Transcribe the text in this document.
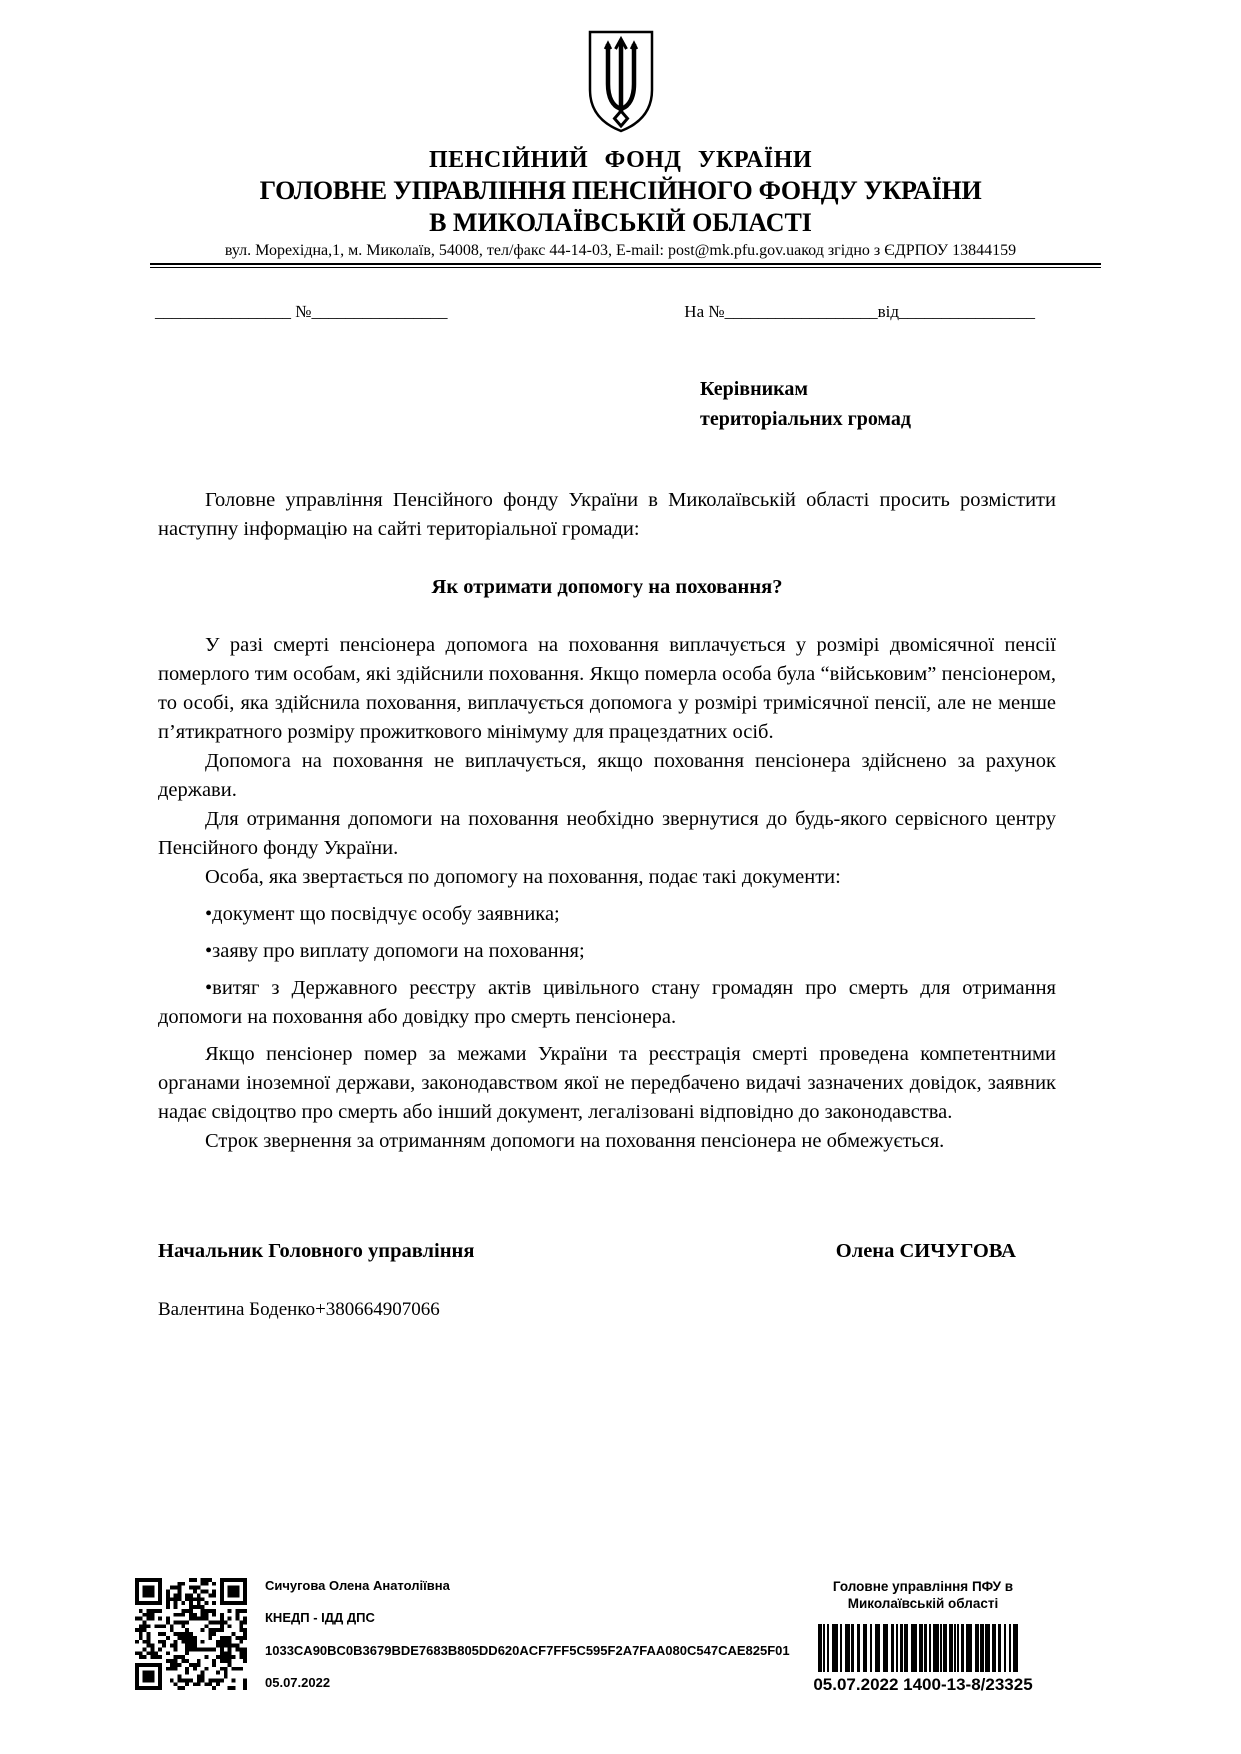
ПЕНСІЙНИЙ ФОНД УКРАЇНИ
ГОЛОВНЕ УПРАВЛІННЯ ПЕНСІЙНОГО ФОНДУ УКРАЇНИ
В МИКОЛАЇВСЬКІЙ ОБЛАСТІ
вул. Морехідна,1, м. Миколаїв, 54008, тел/факс 44-14-03, E-mail: post@mk.pfu.gov.uaкод згідно з ЄДРПОУ 13844159
________________ №________________	На №__________________від________________
Керівникам
територіальних громад

Головне управління Пенсійного фонду України в Миколаївській області просить розмістити наступну інформацію на сайті територіальної громади:

Як отримати допомогу на поховання?

У разі смерті пенсіонера допомога на поховання виплачується у розмірі двомісячної пенсії померлого тим особам, які здійснили поховання. Якщо померла особа була “військовим” пенсіонером, то особі, яка здійснила поховання, виплачується допомога у розмірі тримісячної пенсії, але не менше п’ятикратного розміру прожиткового мінімуму для працездатних осіб.

Допомога на поховання не виплачується, якщо поховання пенсіонера здійснено за рахунок держави.

Для отримання допомоги на поховання необхідно звернутися до будь-якого сервісного центру Пенсійного фонду України.

Особа, яка звертається по допомогу на поховання, подає такі документи:

•документ що посвідчує особу заявника;

•заяву про виплату допомоги на поховання;

•витяг з Державного реєстру актів цивільного стану громадян про смерть для отримання допомоги на поховання або довідку про смерть пенсіонера.

Якщо пенсіонер помер за межами України та реєстрація смерті проведена компетентними органами іноземної держави, законодавством якої не передбачено видачі зазначених довідок, заявник надає свідоцтво про смерть або інший документ, легалізовані відповідно до законодавства.

Строк звернення за отриманням допомоги на поховання пенсіонера не обмежується.

Начальник Головного управління	Олена СИЧУГОВА
Валентина Боденко+380664907066
Сичугова Олена Анатоліївна
КНЕДП - ІДД ДПС
1033CA90BC0B3679BDE7683B805DD620ACF7FF5C595F2A7FAA080C547CAE825F01
05.07.2022
Головне управління ПФУ в
Миколаївській області
05.07.2022 1400-13-8/23325
